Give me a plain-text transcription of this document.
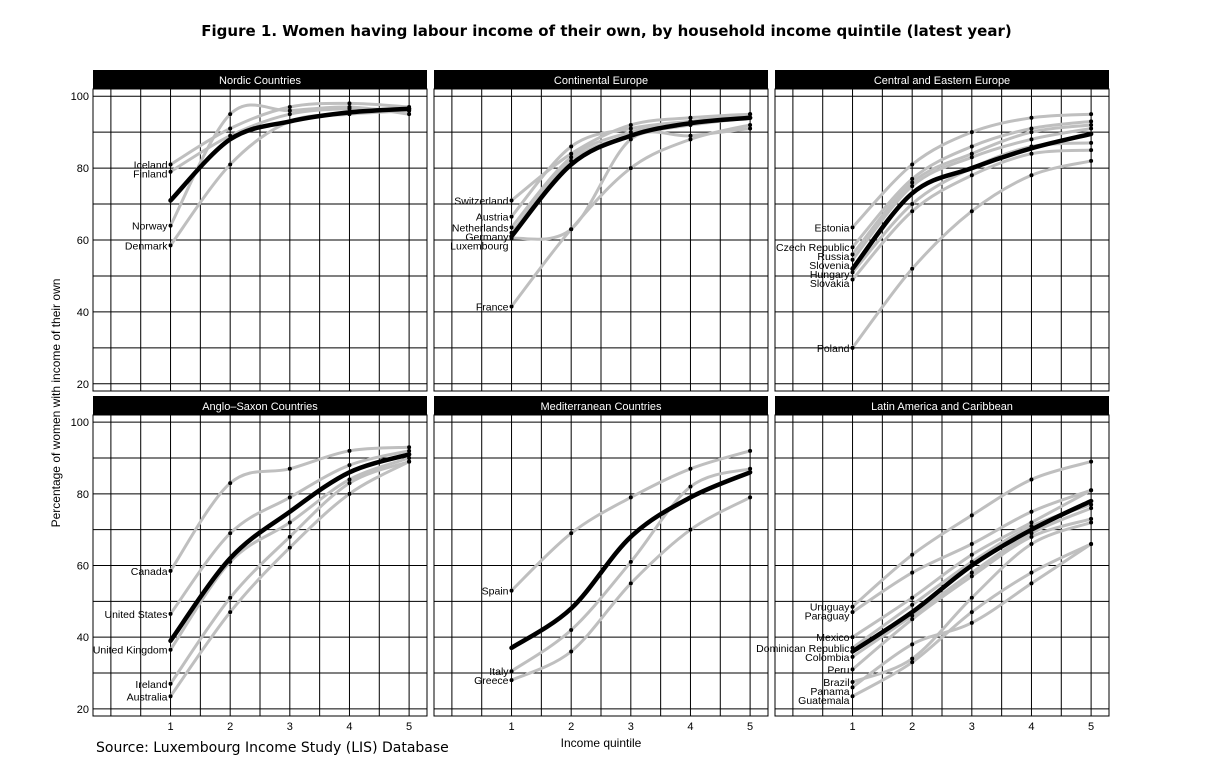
Figure 1. Women having labour income of their own, by household income quintile (latest year)
Percentage of women with income of their own
Income quintile
Nordic Countries
20
40
60
80
100
Iceland
Finland
Norway
Denmark
Continental Europe
Switzerland
Austria
Netherlands
Germany
Luxembourg
France
Central and Eastern Europe
Estonia
Czech Republic
Russia
Slovenia
Hungary
Slovakia
Poland
Anglo–Saxon Countries
20
40
60
80
100
1	2	3	4	5
Canada
United States
United Kingdom
Ireland
Australia
Mediterranean Countries
1	2	3	4	5
Spain
Italy
Greece
Latin America and Caribbean
1	2	3	4	5
Uruguay
Paraguay
Mexico
Dominican Republic
Colombia
Peru
Brazil
Panama
Guatemala
Source: Luxembourg Income Study (LIS) Database
